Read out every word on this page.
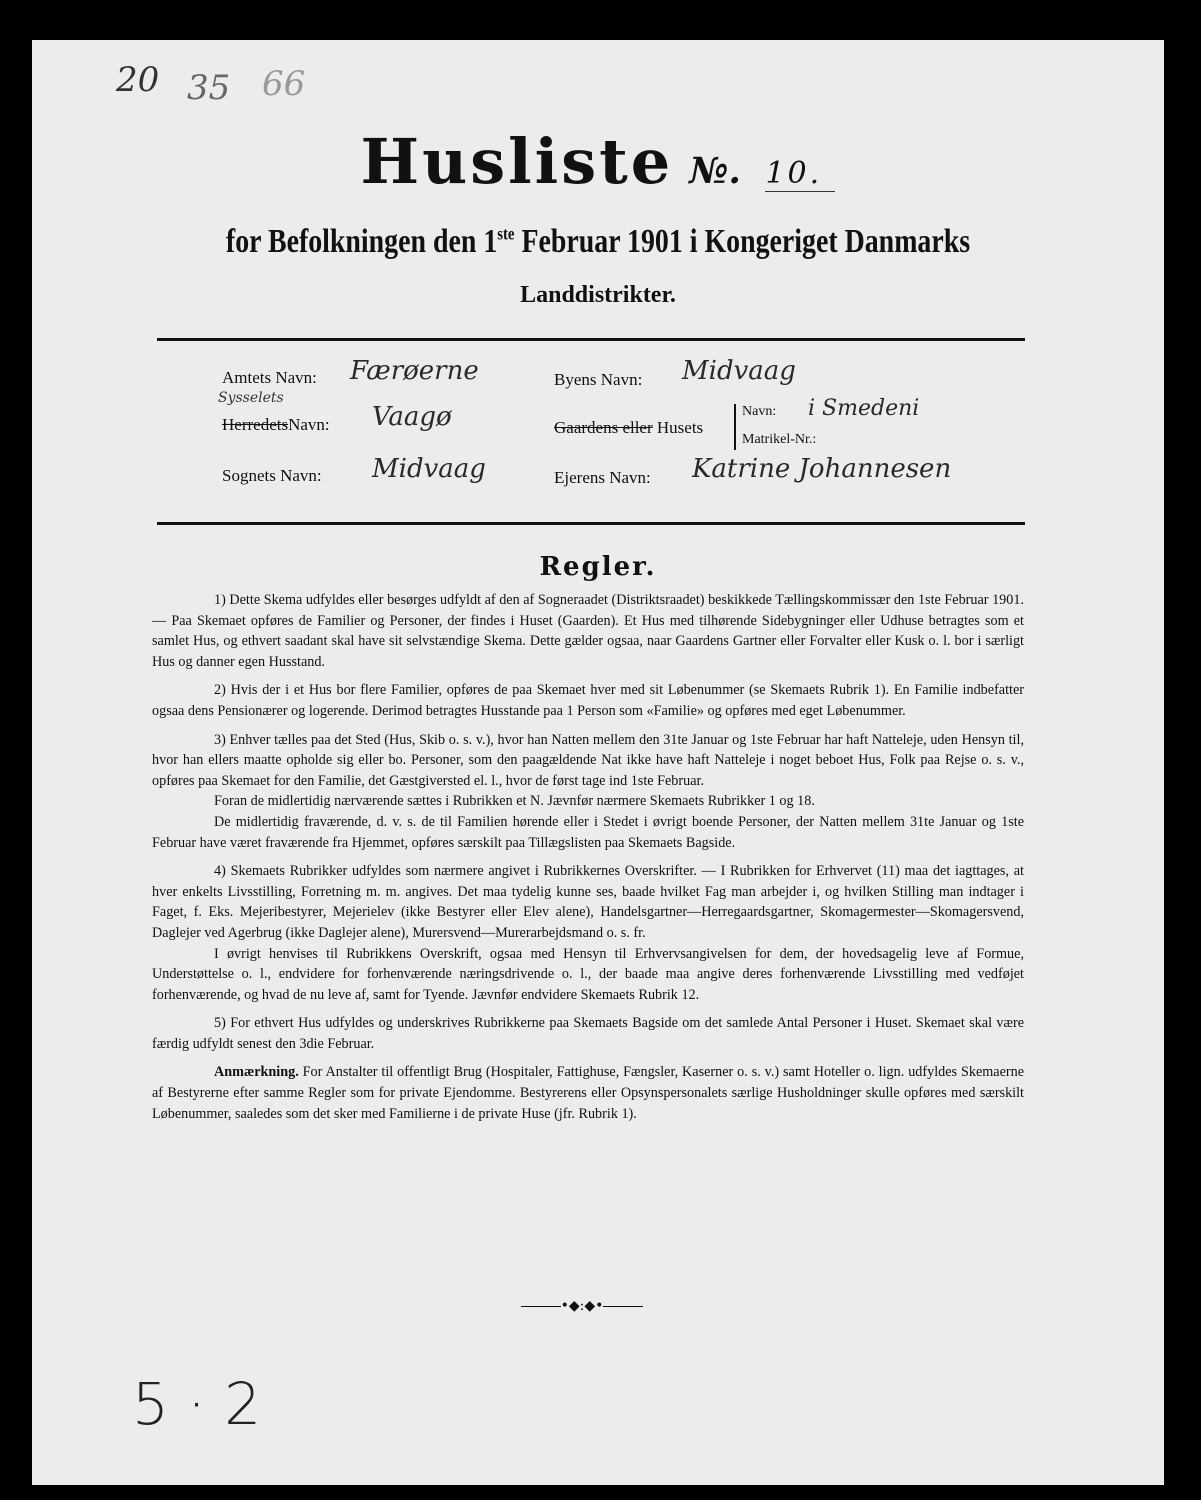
20 35 66
Husliste №. 10.
for Befolkningen den 1ste Februar 1901 i Kongeriget Danmarks
Landdistrikter.
Amtets Navn: Færøerne
Sysselets
HerredetsNavn: Vaagø
Sognets Navn: Midvaag
Byens Navn: Midvaag
Gaardens eller Husets
Navn: i Smedeni
Matrikel-Nr.:
Ejerens Navn: Katrine Johannesen
Regler.

1) Dette Skema udfyldes eller besørges udfyldt af den af Sogneraadet (Distriktsraadet) beskikkede Tællingskommissær den 1ste Februar 1901. — Paa Skemaet opføres de Familier og Personer, der findes i Huset (Gaarden). Et Hus med tilhørende Sidebygninger eller Udhuse betragtes som et samlet Hus, og ethvert saadant skal have sit selvstændige Skema. Dette gælder ogsaa, naar Gaardens Gartner eller Forvalter eller Kusk o. l. bor i særligt Hus og danner egen Husstand.

2) Hvis der i et Hus bor flere Familier, opføres de paa Skemaet hver med sit Løbenummer (se Skemaets Rubrik 1). En Familie indbefatter ogsaa dens Pensionærer og logerende. Derimod betragtes Husstande paa 1 Person som «Familie» og opføres med eget Løbenummer.

3) Enhver tælles paa det Sted (Hus, Skib o. s. v.), hvor han Natten mellem den 31te Januar og 1ste Februar har haft Natteleje, uden Hensyn til, hvor han ellers maatte opholde sig eller bo. Personer, som den paagældende Nat ikke have haft Natteleje i noget beboet Hus, Folk paa Rejse o. s. v., opføres paa Skemaet for den Familie, det Gæstgiversted el. l., hvor de først tage ind 1ste Februar.

Foran de midlertidig nærværende sættes i Rubrikken et N. Jævnfør nærmere Skemaets Rubrikker 1 og 18.

De midlertidig fraværende, d. v. s. de til Familien hørende eller i Stedet i øvrigt boende Personer, der Natten mellem 31te Januar og 1ste Februar have været fraværende fra Hjemmet, opføres særskilt paa Tillægslisten paa Skemaets Bagside.

4) Skemaets Rubrikker udfyldes som nærmere angivet i Rubrikkernes Overskrifter. — I Rubrikken for Erhvervet (11) maa det iagttages, at hver enkelts Livsstilling, Forretning m. m. angives. Det maa tydelig kunne ses, baade hvilket Fag man arbejder i, og hvilken Stilling man indtager i Faget, f. Eks. Mejeribestyrer, Mejerielev (ikke Bestyrer eller Elev alene), Handelsgartner—Herregaardsgartner, Skomagermester—Skomagersvend, Daglejer ved Agerbrug (ikke Daglejer alene), Murersvend—Murerarbejdsmand o. s. fr.

I øvrigt henvises til Rubrikkens Overskrift, ogsaa med Hensyn til Erhvervsangivelsen for dem, der hovedsagelig leve af Formue, Understøttelse o. l., endvidere for forhenværende næringsdrivende o. l., der baade maa angive deres forhenværende Livsstilling med vedføjet forhenværende, og hvad de nu leve af, samt for Tyende. Jævnfør endvidere Skemaets Rubrik 12.

5) For ethvert Hus udfyldes og underskrives Rubrikkerne paa Skemaets Bagside om det samlede Antal Personer i Huset. Skemaet skal være færdig udfyldt senest den 3die Februar.

Anmærkning. For Anstalter til offentligt Brug (Hospitaler, Fattighuse, Fængsler, Kaserner o. s. v.) samt Hoteller o. lign. udfyldes Skemaerne af Bestyrerne efter samme Regler som for private Ejendomme. Bestyrerens eller Opsynspersonalets særlige Husholdninger skulle opføres med særskilt Løbenummer, saaledes som det sker med Familierne i de private Huse (jfr. Rubrik 1).

•◆:◆•
5 · 2
